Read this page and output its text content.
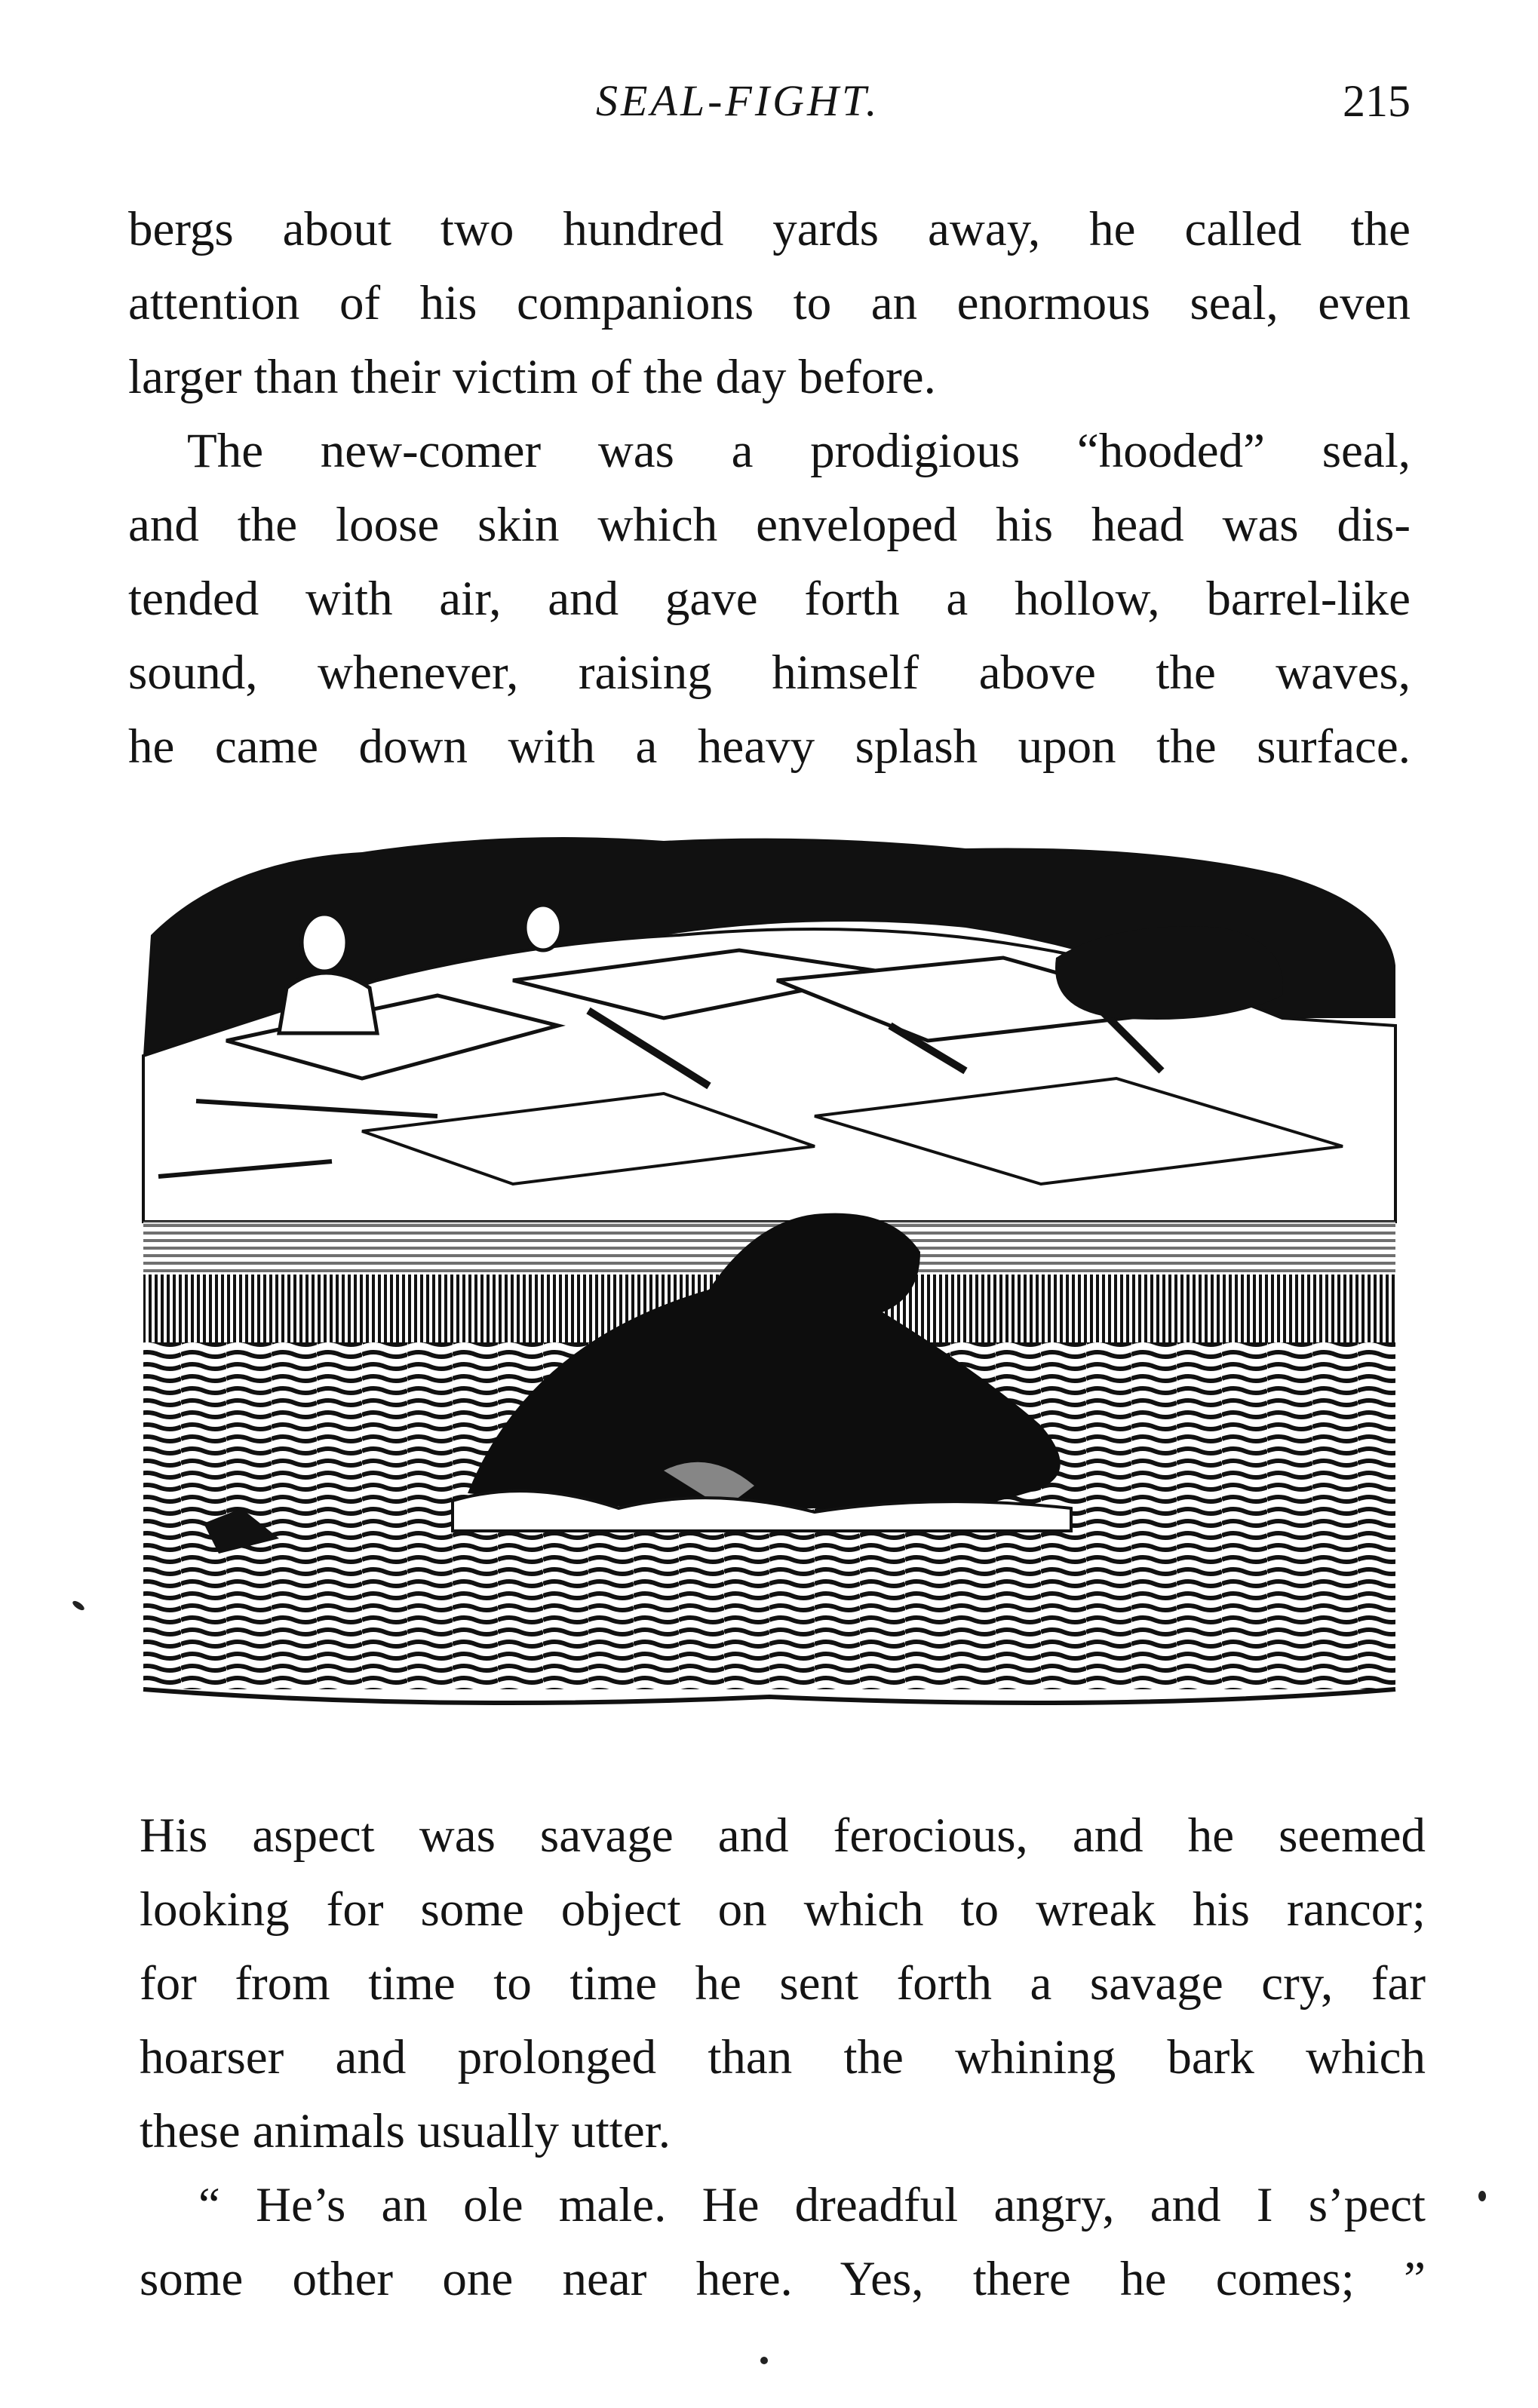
SEAL-FIGHT.	215

bergs about two hundred yards away, he called the
attention of his companions to an enormous seal, even
larger than their victim of the day before.

The new-comer was a prodigious “hooded” seal,
and the loose skin which enveloped his head was dis-
tended with air, and gave forth a hollow, barrel-like
sound, whenever, raising himself above the waves,
he came down with a heavy splash upon the surface.

His aspect was savage and ferocious, and he seemed
looking for some object on which to wreak his rancor;
for from time to time he sent forth a savage cry, far
hoarser and prolonged than the whining bark which
these animals usually utter.

“ He’s an ole male. He dreadful angry, and I s’pect
some other one near here. Yes, there he comes; ”
